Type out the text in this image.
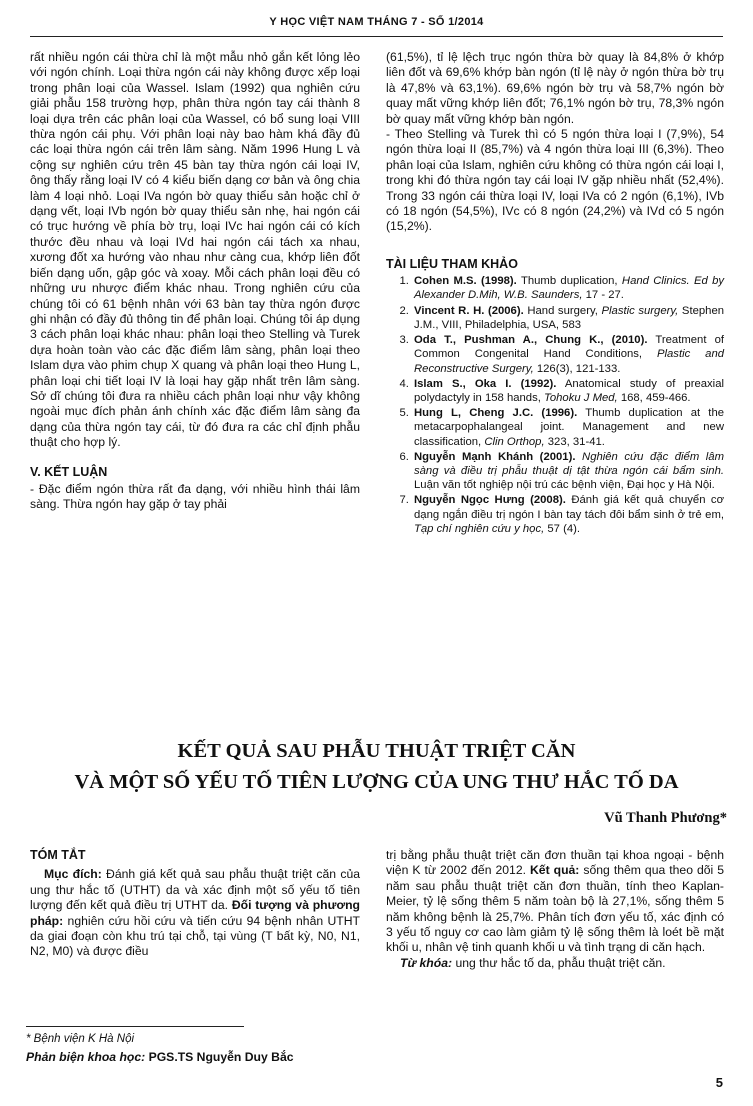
Y HỌC VIỆT NAM THÁNG 7 - SỐ 1/2014

rất nhiều ngón cái thừa chỉ là một mẫu nhỏ gắn kết lỏng lẻo với ngón chính. Loại thừa ngón cái này không được xếp loại trong phân loại của Wassel. Islam (1992) qua nghiên cứu giải phẫu 158 trường hợp, phân thừa ngón tay cái thành 8 loại dựa trên các phân loại của Wassel, có bổ sung loại VIII thừa ngón cái phụ. Với phân loại này bao hàm khá đầy đủ các loại thừa ngón cái trên lâm sàng. Năm 1996 Hung L và cộng sự nghiên cứu trên 45 bàn tay thừa ngón cái loại IV, ông thấy rằng loại IV có 4 kiểu biến dạng cơ bản và ông chia làm 4 loại nhỏ. Loại IVa ngón bờ quay thiểu sản hoặc chỉ ở dạng vết, loại IVb ngón bờ quay thiểu sản nhẹ, hai ngón cái có trục hướng về phía bờ trụ, loại IVc hai ngón cái có kích thước đều nhau và loại IVd hai ngón cái tách xa nhau, xương đốt xa hướng vào nhau như càng cua, khớp liên đốt biến dạng uốn, gập góc và xoay. Mỗi cách phân loại đều có những ưu nhược điểm khác nhau. Trong nghiên cứu của chúng tôi có 61 bệnh nhân với 63 bàn tay thừa ngón được ghi nhận có đầy đủ thông tin để phân loại. Chúng tôi áp dụng 3 cách phân loại khác nhau: phân loại theo Stelling và Turek dựa hoàn toàn vào các đặc điểm lâm sàng, phân loại theo Islam dựa vào phim chụp X quang và phân loại theo Hung L, phân loại chi tiết loại IV là loại hay gặp nhất trên lâm sàng. Sở dĩ chúng tôi đưa ra nhiều cách phân loại như vậy không ngoài mục đích phản ánh chính xác đặc điểm lâm sàng đa dạng của thừa ngón tay cái, từ đó đưa ra các chỉ định phẫu thuật cho hợp lý.

V. KẾT LUẬN

- Đặc điểm ngón thừa rất đa dạng, với nhiều hình thái lâm sàng. Thừa ngón hay gặp ở tay phải

(61,5%), tỉ lệ lệch trục ngón thừa bờ quay là 84,8% ở khớp liên đốt và 69,6% khớp bàn ngón (tỉ lệ này ở ngón thừa bờ trụ là 47,8% và 63,1%). 69,6% ngón bờ trụ và 58,7% ngón bờ quay mất vững khớp liên đốt; 76,1% ngón bờ trụ, 78,3% ngón bờ quay mất vững khớp bàn ngón.

- Theo Stelling và Turek thì có 5 ngón thừa loại I (7,9%), 54 ngón thừa loại II (85,7%) và 4 ngón thừa loại III (6,3%). Theo phân loại của Islam, nghiên cứu không có thừa ngón cái loại I, trong khi đó thừa ngón tay cái loại IV gặp nhiều nhất (52,4%). Trong 33 ngón cái thừa loại IV, loại IVa có 2 ngón (6,1%), IVb có 18 ngón (54,5%), IVc có 8 ngón (24,2%) và IVd có 5 ngón (15,2%).

TÀI LIỆU THAM KHẢO
1. Cohen M.S. (1998). Thumb duplication, Hand Clinics. Ed by Alexander D.Mih, W.B. Saunders, 17 - 27.
2. Vincent R. H. (2006). Hand surgery, Plastic surgery, Stephen J.M., VIII, Philadelphia, USA, 583
3. Oda T., Pushman A., Chung K., (2010). Treatment of Common Congenital Hand Conditions, Plastic and Reconstructive Surgery, 126(3), 121-133.
4. Islam S., Oka I. (1992). Anatomical study of preaxial polydactyly in 158 hands, Tohoku J Med, 168, 459-466.
5. Hung L, Cheng J.C. (1996). Thumb duplication at the metacarpophalangeal joint. Management and new classification, Clin Orthop, 323, 31-41.
6. Nguyễn Mạnh Khánh (2001). Nghiên cứu đặc điểm lâm sàng và điều trị phẫu thuật dị tật thừa ngón cái bẩm sinh. Luận văn tốt nghiệp nội trú các bệnh viện, Đại học y Hà Nội.
7. Nguyễn Ngọc Hưng (2008). Đánh giá kết quả chuyển cơ dạng ngắn điều trị ngón I bàn tay tách đôi bẩm sinh ở trẻ em, Tạp chí nghiên cứu y học, 57 (4).
KẾT QUẢ SAU PHẪU THUẬT TRIỆT CĂN
VÀ MỘT SỐ YẾU TỐ TIÊN LƯỢNG CỦA UNG THƯ HẮC TỐ DA
Vũ Thanh Phương*
TÓM TẮT

Mục đích: Đánh giá kết quả sau phẫu thuật triệt căn của ung thư hắc tố (UTHT) da và xác định một số yếu tố tiên lượng đến kết quả điều trị UTHT da. Đối tượng và phương pháp: nghiên cứu hồi cứu và tiến cứu 94 bệnh nhân UTHT da giai đoạn còn khu trú tại chỗ, tại vùng (T bất kỳ, N0, N1, N2, M0) và được điều

trị bằng phẫu thuật triệt căn đơn thuần tại khoa ngoại - bệnh viện K từ 2002 đến 2012. Kết quả: sống thêm qua theo dõi 5 năm sau phẫu thuật triệt căn đơn thuần, tính theo Kaplan-Meier, tỷ lệ sống thêm 5 năm toàn bộ là 27,1%, sống thêm 5 năm không bệnh là 25,7%. Phân tích đơn yếu tố, xác định có 3 yếu tố nguy cơ cao làm giảm tỷ lệ sống thêm là loét bề mặt khối u, nhân vệ tinh quanh khối u và tình trạng di căn hạch.

Từ khóa: ung thư hắc tố da, phẫu thuật triệt căn.

* Bệnh viện K Hà Nội
Phản biện khoa học: PGS.TS Nguyễn Duy Bắc
5
